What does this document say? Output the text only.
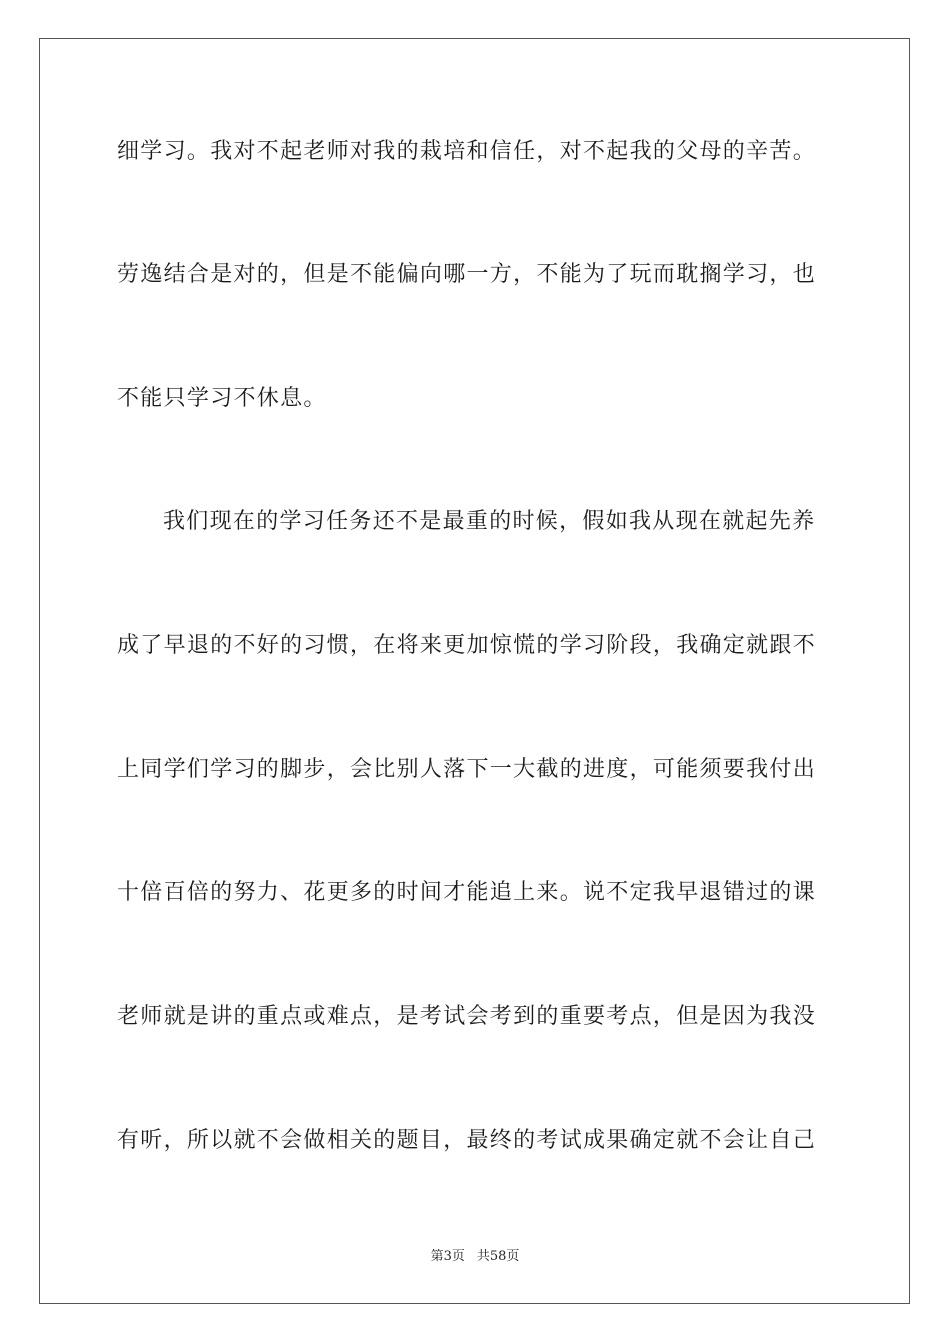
细学习。我对不起老师对我的栽培和信任，对不起我的父母的辛苦。
劳逸结合是对的，但是不能偏向哪一方，不能为了玩而耽搁学习，也
不能只学习不休息。
我们现在的学习任务还不是最重的时候，假如我从现在就起先养
成了早退的不好的习惯，在将来更加惊慌的学习阶段，我确定就跟不
上同学们学习的脚步，会比别人落下一大截的进度，可能须要我付出
十倍百倍的努力、花更多的时间才能追上来。说不定我早退错过的课
老师就是讲的重点或难点，是考试会考到的重要考点，但是因为我没
有听，所以就不会做相关的题目，最终的考试成果确定就不会让自己
第3页 共58页
